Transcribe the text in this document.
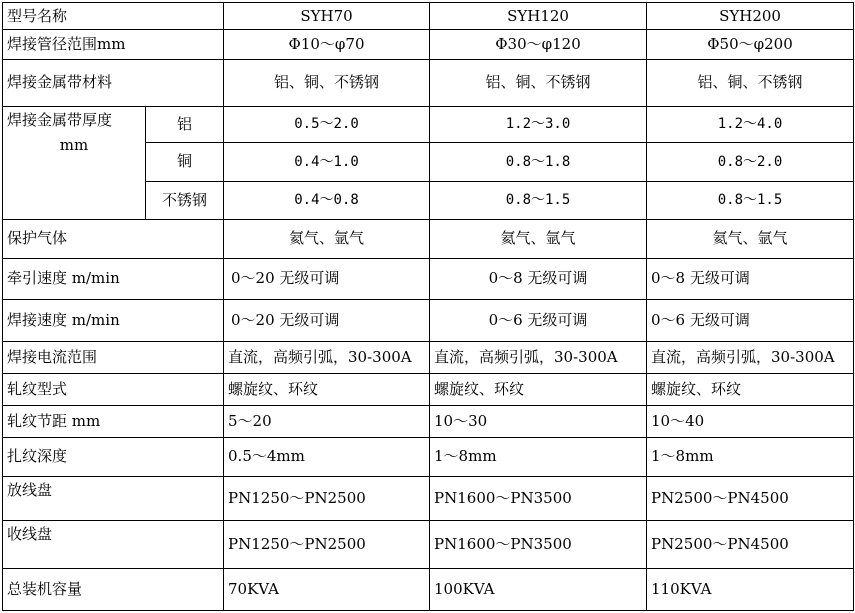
型号名称		SYH70	SYH120	SYH200
焊接管径范围mm		Φ10～φ70	Φ30～φ120	Φ50～φ200
焊接金属带材料		铝、铜、不锈钢	铝、铜、不锈钢	铝、铜、不锈钢

焊接金属带厚度
mm	铝	0.5～2.0	1.2～3.0	1.2～4.0
	铜	0.4～1.0	0.8～1.8	0.8～2.0
	不锈钢	0.4～0.8	0.8～1.5	0.8～1.5
保护气体		氦气、氩气	氦气、氩气	氦气、氩气
牵引速度 m/min		0～20 无级可调	0～8 无级可调	0～8 无级可调
焊接速度 m/min		0～20 无级可调	0～6 无级可调	0～6 无级可调
焊接电流范围		直流，高频引弧，30-300A	直流，高频引弧，30-300A	直流，高频引弧，30-300A
轧纹型式		螺旋纹、环纹	螺旋纹、环纹	螺旋纹、环纹
轧纹节距 mm		5～20	10～30	10～40
扎纹深度		0.5～4mm	1～8mm	1～8mm
放线盘		PN1250～PN2500	PN1600～PN3500	PN2500～PN4500
收线盘		PN1250～PN2500	PN1600～PN3500	PN2500～PN4500
总装机容量		70KVA	100KVA	110KVA
